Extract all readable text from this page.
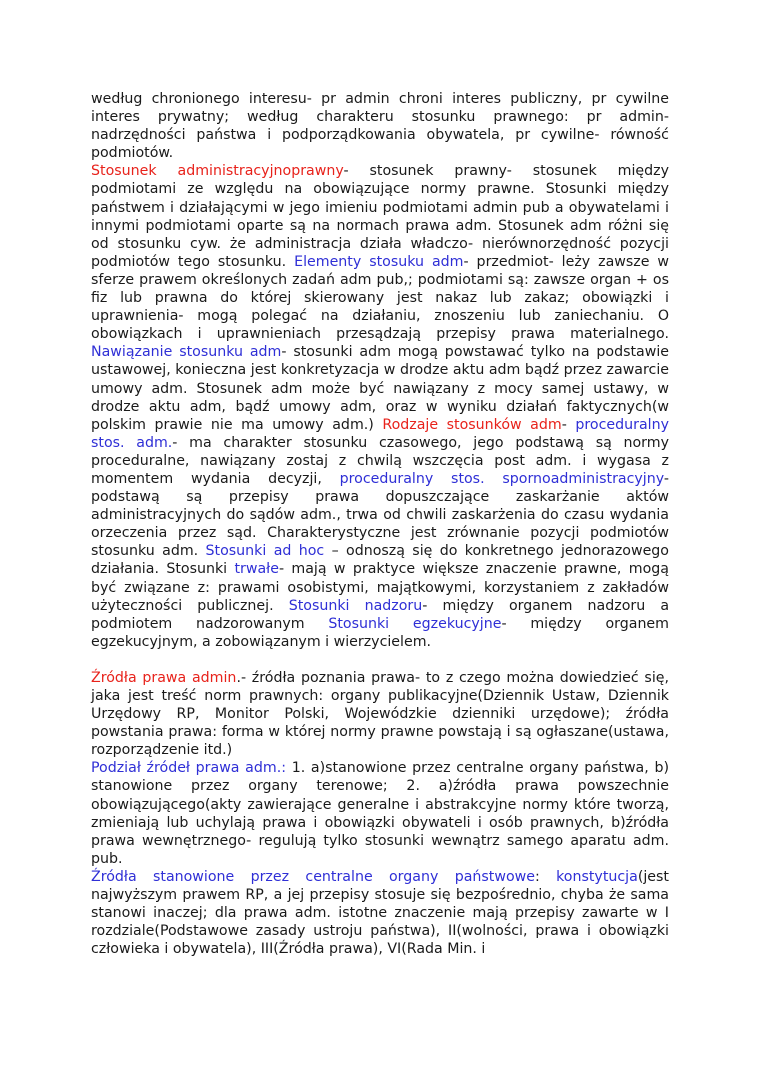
według chronionego interesu- pr admin chroni interes publiczny, pr cywilne interes prywatny; według charakteru stosunku prawnego: pr admin- nadrzędności państwa i podporządkowania obywatela, pr cywilne- równość podmiotów.

Stosunek administracyjnoprawny- stosunek prawny- stosunek między podmiotami ze względu na obowiązujące normy prawne. Stosunki między państwem i działającymi w jego imieniu podmiotami admin pub a obywatelami i innymi podmiotami oparte są na normach prawa adm. Stosunek adm różni się od stosunku cyw. że administracja działa władczo- nierównorzędność pozycji podmiotów tego stosunku. Elementy stosuku adm- przedmiot- leży zawsze w sferze prawem określonych zadań adm pub,; podmiotami są: zawsze organ + os fiz lub prawna do której skierowany jest nakaz lub zakaz; obowiązki i uprawnienia- mogą polegać na działaniu, znoszeniu lub zaniechaniu. O obowiązkach i uprawnieniach przesądzają przepisy prawa materialnego. Nawiązanie stosunku adm- stosunki adm mogą powstawać tylko na podstawie ustawowej, konieczna jest konkretyzacja w drodze aktu adm bądź przez zawarcie umowy adm. Stosunek adm może być nawiązany z mocy samej ustawy, w drodze aktu adm, bądź umowy adm, oraz w wyniku działań faktycznych(w polskim prawie nie ma umowy adm.) Rodzaje stosunków adm- proceduralny stos. adm.- ma charakter stosunku czasowego, jego podstawą są normy proceduralne, nawiązany zostaj z chwilą wszczęcia post adm. i wygasa z momentem wydania decyzji, proceduralny stos. spornoadministracyjny- podstawą są przepisy prawa dopuszczające zaskarżanie aktów administracyjnych do sądów adm., trwa od chwili zaskarżenia do czasu wydania orzeczenia przez sąd. Charakterystyczne jest zrównanie pozycji podmiotów stosunku adm. Stosunki ad hoc – odnoszą się do konkretnego jednorazowego działania. Stosunki trwałe- mają w praktyce większe znaczenie prawne, mogą być związane z: prawami osobistymi, majątkowymi, korzystaniem z zakładów użyteczności publicznej. Stosunki nadzoru- między organem nadzoru a podmiotem nadzorowanym Stosunki egzekucyjne- między organem egzekucyjnym, a zobowiązanym i wierzycielem.

Źródła prawa admin.- źródła poznania prawa- to z czego można dowiedzieć się, jaka jest treść norm prawnych: organy publikacyjne(Dziennik Ustaw, Dziennik Urzędowy RP, Monitor Polski, Wojewódzkie dzienniki urzędowe); źródła powstania prawa: forma w której normy prawne powstają i są ogłaszane(ustawa, rozporządzenie itd.)

Podział źródeł prawa adm.: 1. a)stanowione przez centralne organy państwa, b) stanowione przez organy terenowe; 2. a)źródła prawa powszechnie obowiązującego(akty zawierające generalne i abstrakcyjne normy które tworzą, zmieniają lub uchylają prawa i obowiązki obywateli i osób prawnych, b)źródła prawa wewnętrznego- regulują tylko stosunki wewnątrz samego aparatu adm. pub.

Źródła stanowione przez centralne organy państwowe: konstytucja(jest najwyższym prawem RP, a jej przepisy stosuje się bezpośrednio, chyba że sama stanowi inaczej; dla prawa adm. istotne znaczenie mają przepisy zawarte w I rozdziale(Podstawowe zasady ustroju państwa), II(wolności, prawa i obowiązki człowieka i obywatela), III(Źródła prawa), VI(Rada Min. i
